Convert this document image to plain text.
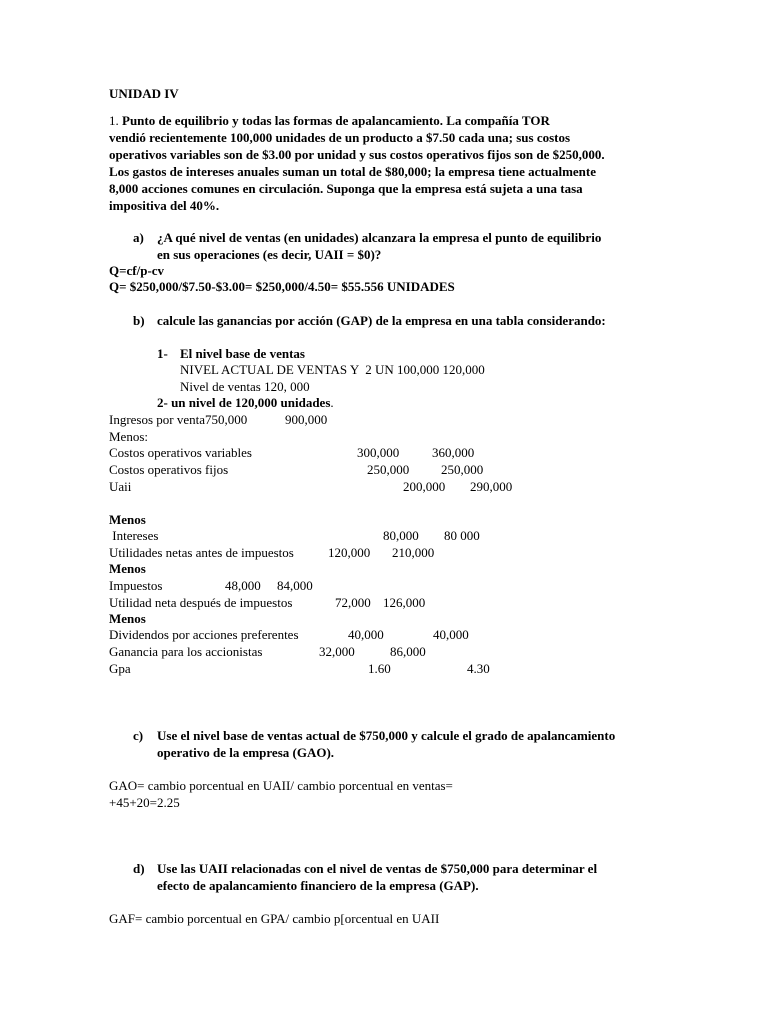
UNIDAD IV
1. Punto de equilibrio y todas las formas de apalancamiento. La compañía TOR
vendió recientemente 100,000 unidades de un producto a $7.50 cada una; sus costos
operativos variables son de $3.00 por unidad y sus costos operativos fijos son de $250,000.
Los gastos de intereses anuales suman un total de $80,000; la empresa tiene actualmente
8,000 acciones comunes en circulación. Suponga que la empresa está sujeta a una tasa
impositiva del 40%.
a) ¿A qué nivel de ventas (en unidades) alcanzara la empresa el punto de equilibrio
en sus operaciones (es decir, UAII = $0)?
Q=cf/p-cv
Q= $250,000/$7.50-$3.00= $250,000/4.50= $55.556 UNIDADES
b) calcule las ganancias por acción (GAP) de la empresa en una tabla considerando:
1- El nivel base de ventas
NIVEL ACTUAL DE VENTAS Y  2 UN 100,000 120,000
Nivel de ventas 120, 000
2- un nivel de 120,000 unidades.
Ingresos por venta750,000	900,000
Menos:
Costos operativos variables	300,000	360,000
Costos operativos fijos	250,000 250,000
Uaii	200,000 290,000
Menos
Intereses	80,000 80 000
Utilidades netas antes de impuestos	120,000 210,000
Menos
Impuestos	48,000 84,000
Utilidad neta después de impuestos	72,000 126,000
Menos
Dividendos por acciones preferentes	40,000	40,000
Ganancia para los accionistas	32,000	86,000
Gpa	1.60	4.30
c) Use el nivel base de ventas actual de $750,000 y calcule el grado de apalancamiento
operativo de la empresa (GAO).
GAO= cambio porcentual en UAII/ cambio porcentual en ventas=
+45+20=2.25
d) Use las UAII relacionadas con el nivel de ventas de $750,000 para determinar el
efecto de apalancamiento financiero de la empresa (GAP).
GAF= cambio porcentual en GPA/ cambio p[orcentual en UAII
